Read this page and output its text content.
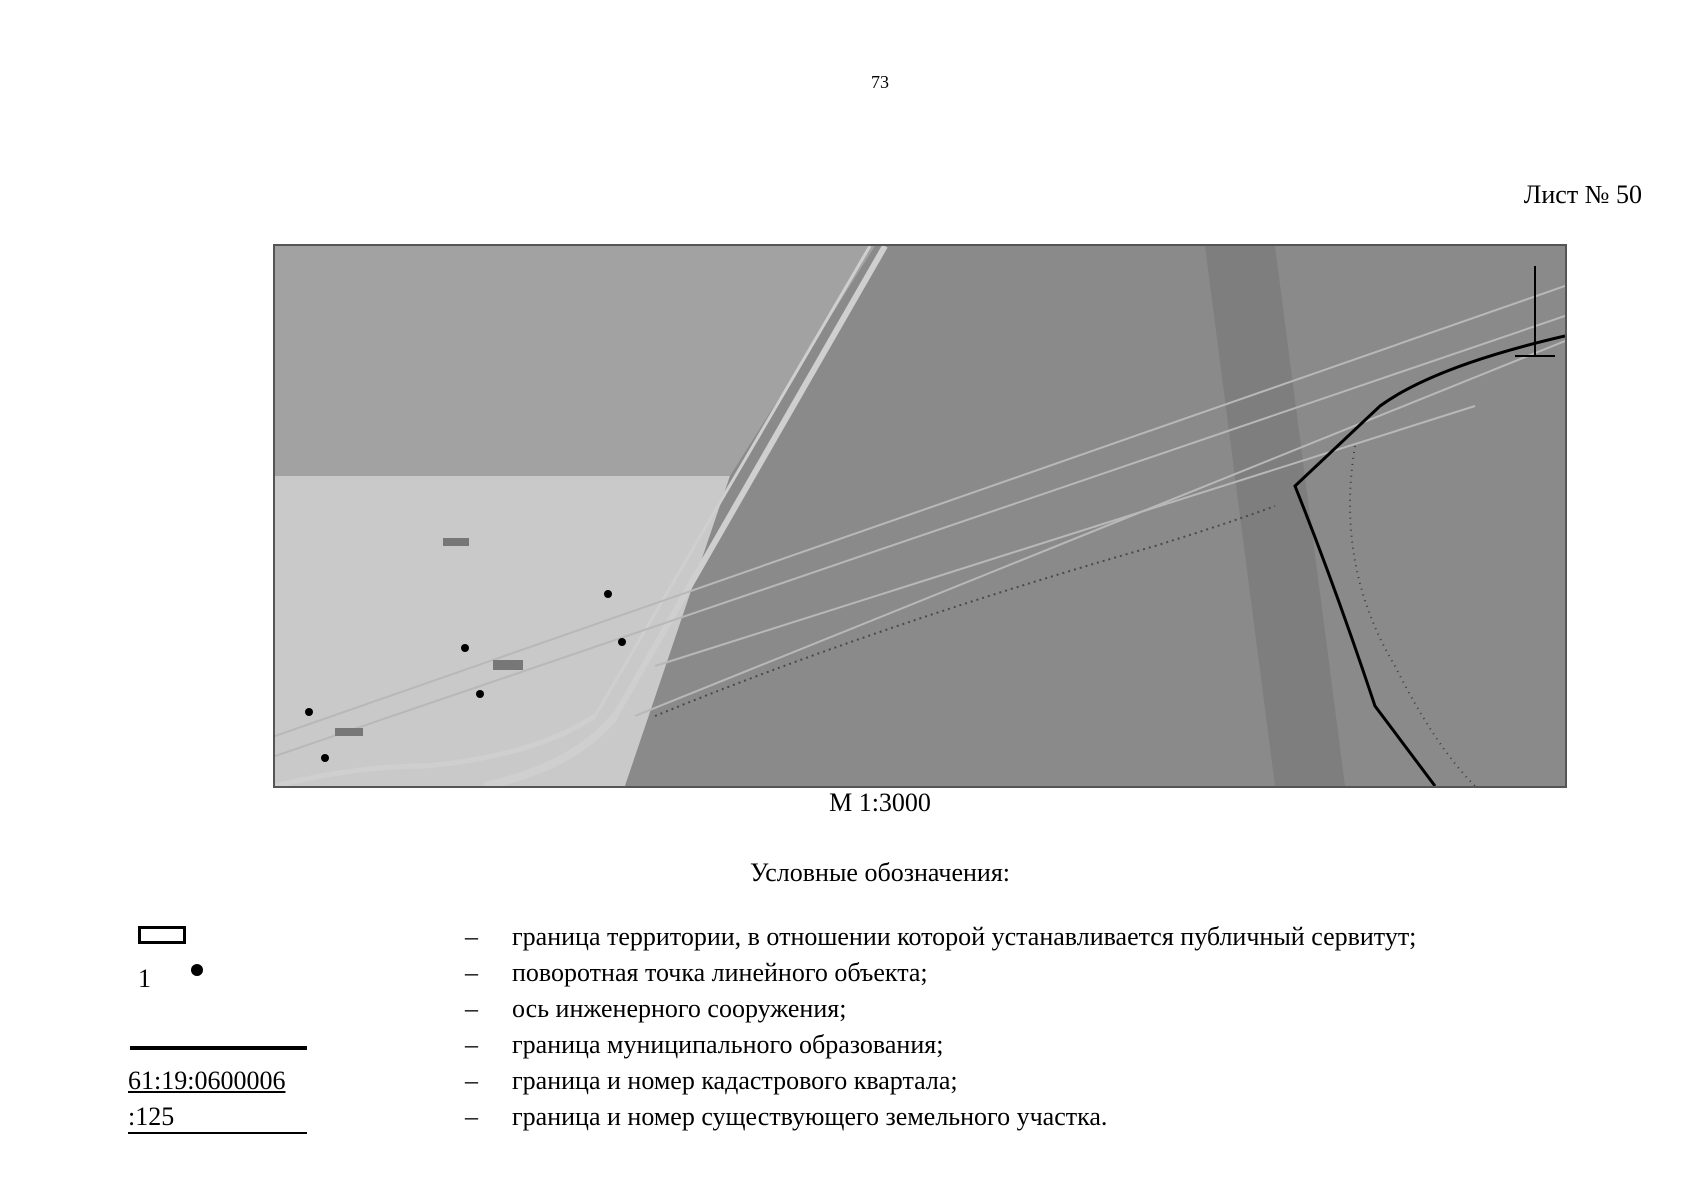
73
Лист № 50
М 1:3000
Условные обозначения:
– граница территории, в отношении которой устанавливается публичный сервитут;
1	– поворотная точка линейного объекта;
– ось инженерного сооружения;
– граница муниципального образования;
61:19:0600006	– граница и номер кадастрового квартала;
:125	– граница и номер существующего земельного участка.
